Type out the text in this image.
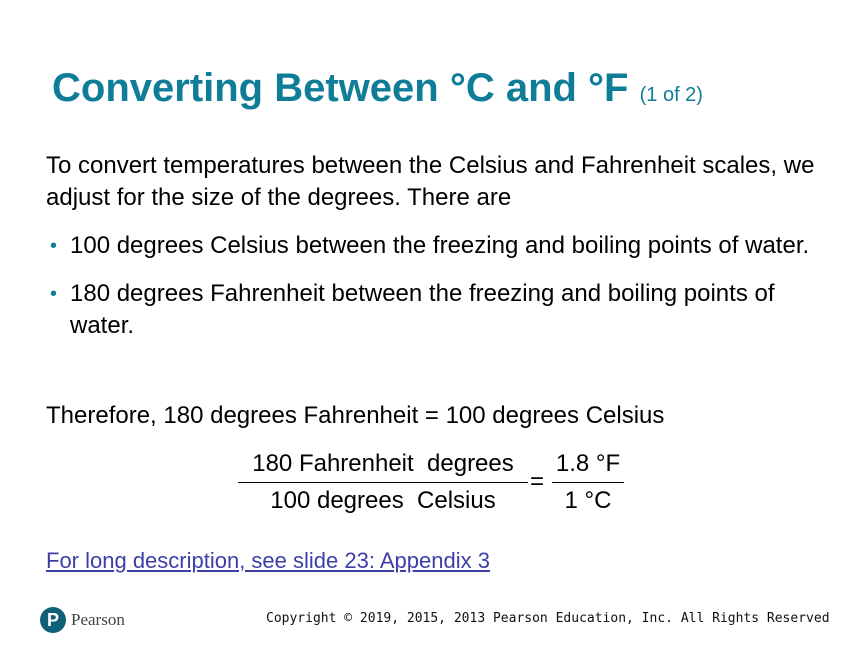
Converting Between °C and °F (1 of 2)
To convert temperatures between the Celsius and Fahrenheit scales, we adjust for the size of the degrees. There are
• 100 degrees Celsius between the freezing and boiling points of water.
• 180 degrees Fahrenheit between the freezing and boiling points of water.
Therefore, 180 degrees Fahrenheit = 100 degrees Celsius
180 Fahrenheit  degrees
100 degrees  Celsius
= $\frac{1.8 ^\circ F}{1 ^\circ C}$
For long description, see slide 23: Appendix 3
P Pearson	Copyright © 2019, 2015, 2013 Pearson Education, Inc. All Rights Reserved
